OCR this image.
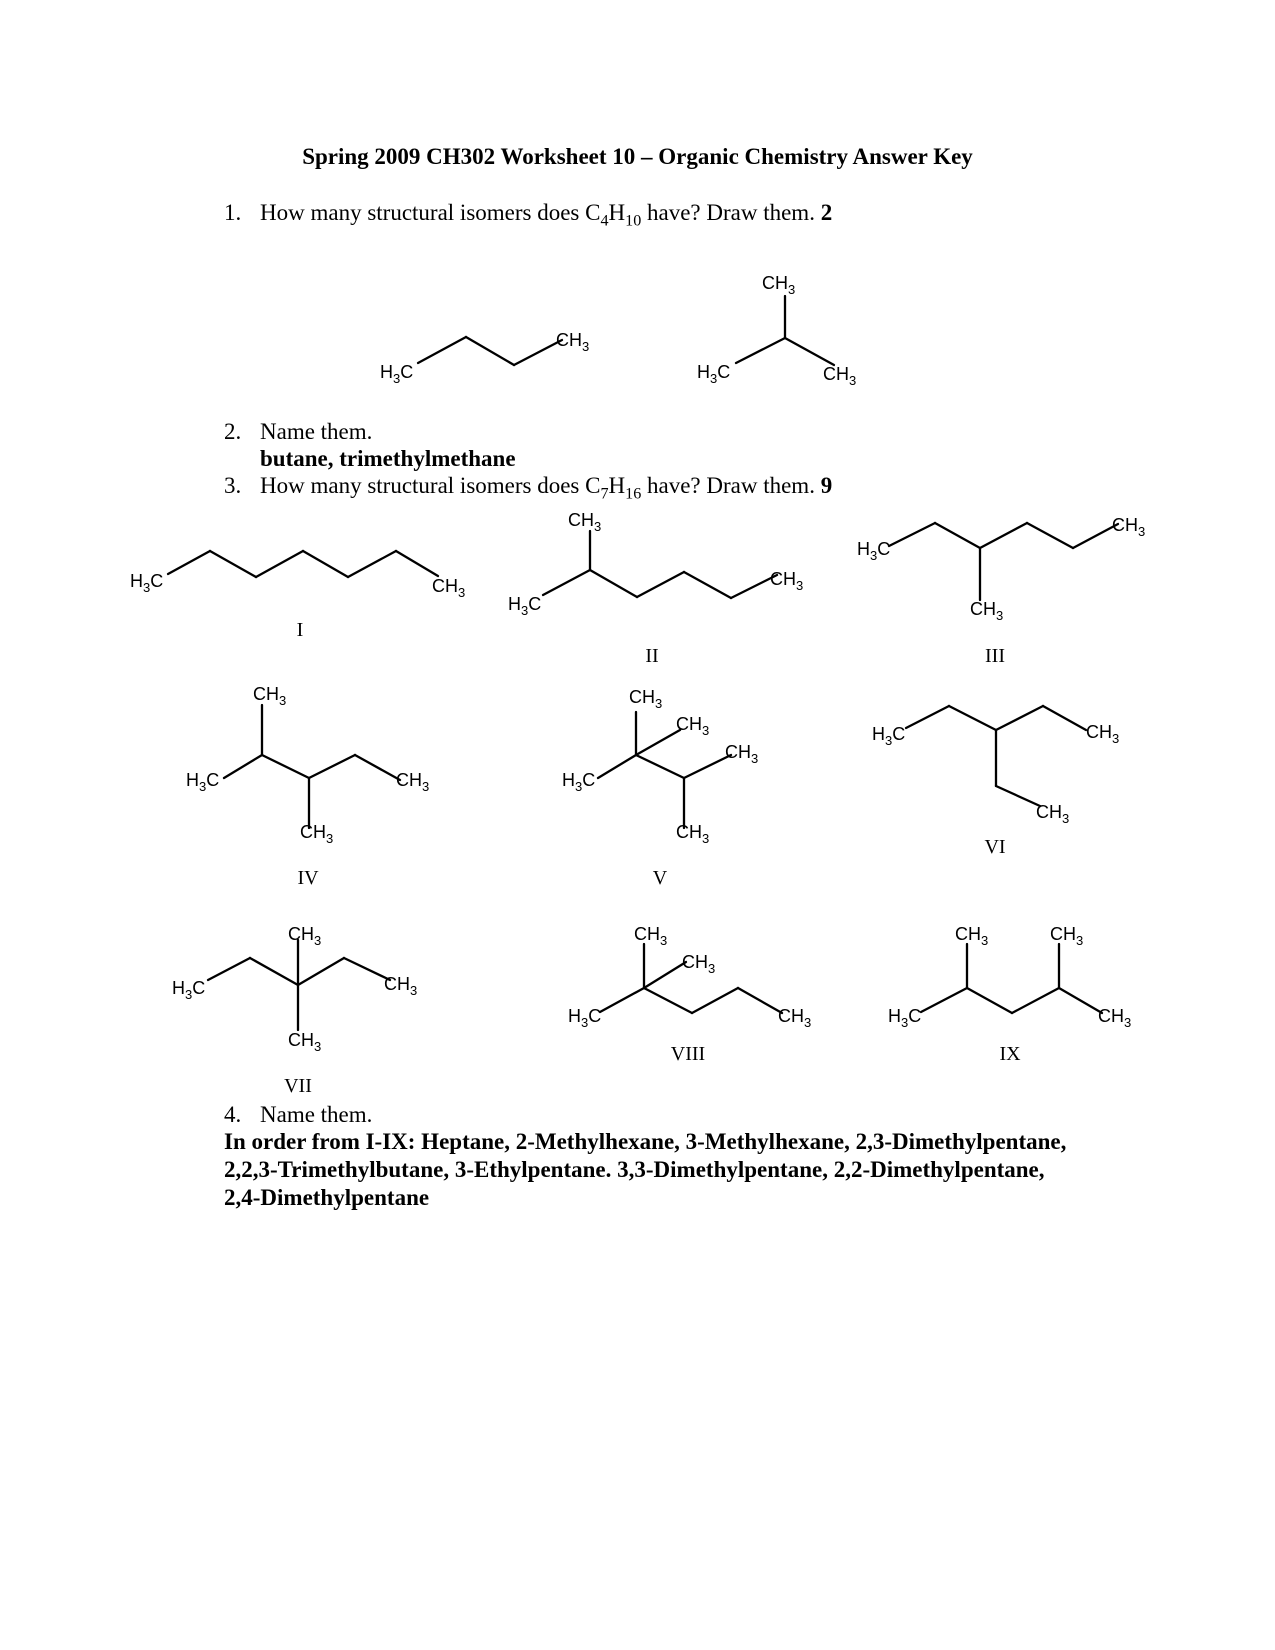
Spring 2009 CH302 Worksheet 10 – Organic Chemistry Answer Key
1. How many structural isomers does $C_4H_{10}$ have? Draw them. 2
2. Name them.
butane, trimethylmethane
3. How many structural isomers does $C_7H_{16}$ have? Draw them. 9
4. Name them.
In order from I-IX: Heptane, 2-Methylhexane, 3-Methylhexane, 2,3-Dimethylpentane, 2,2,3-Trimethylbutane, 3-Ethylpentane. 3,3-Dimethylpentane, 2,2-Dimethylpentane, 2,4-Dimethylpentane
$H_3C$
$CH_3$
$H_3C$
$CH_3$
$CH_3$
$H_3C$	$CH_3$
I
$H_3C$
$CH_3$
$CH_3$
II
$H_3C$
$CH_3$
$CH_3$
III
$H_3C$
$CH_3$
$CH_3$
$CH_3$
IV
$H_3C$
$CH_3$
$CH_3$
$CH_3$
$CH_3$
V
$H_3C$	$CH_3$
$CH_3$
VI
$H_3C$	$CH_3$
$CH_3$
$CH_3$
VII
$H_3C$
$CH_3$
$CH_3$
$CH_3$
VIII
$H_3C$
$CH_3$	$CH_3$
$CH_3$
IX
